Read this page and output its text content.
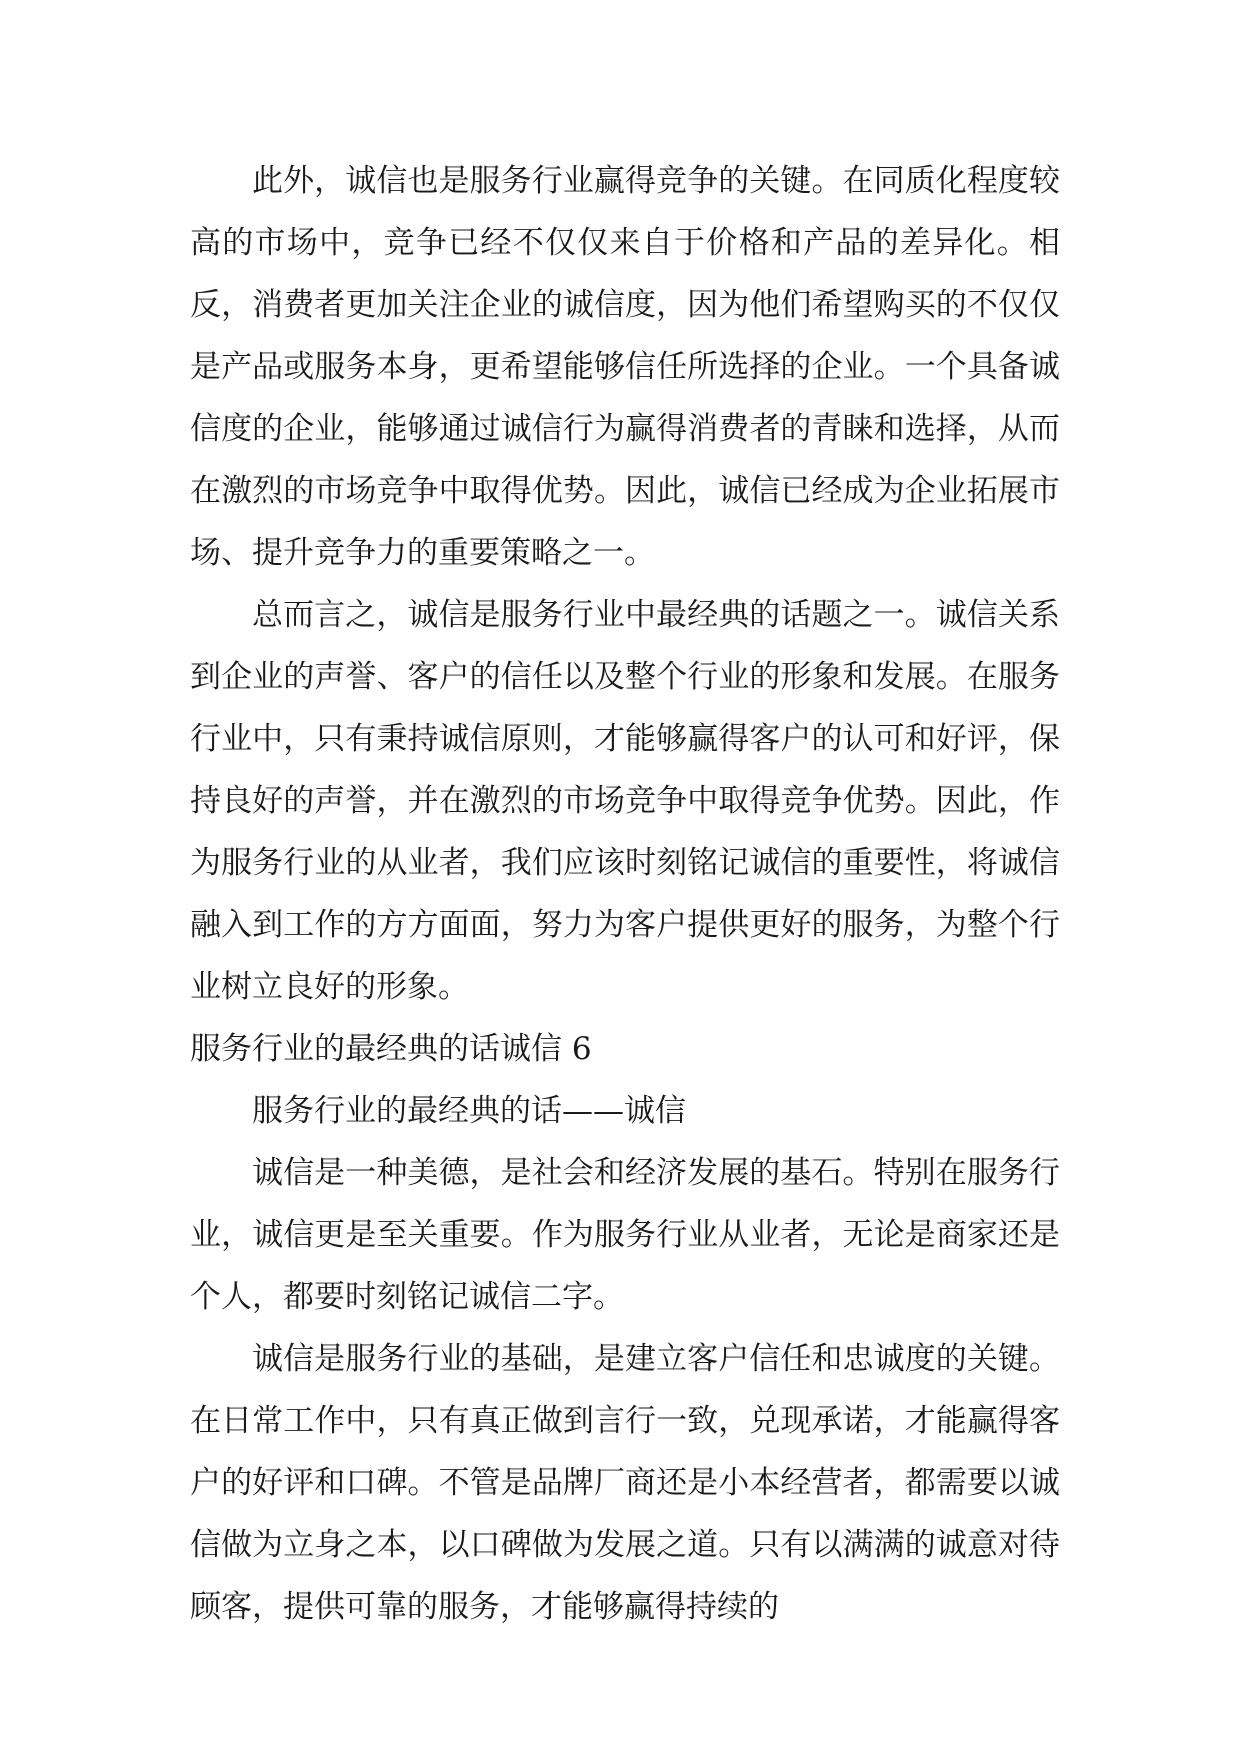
此外，诚信也是服务行业赢得竞争的关键。在同质化程度较高的市场中，竞争已经不仅仅来自于价格和产品的差异化。相反，消费者更加关注企业的诚信度，因为他们希望购买的不仅仅是产品或服务本身，更希望能够信任所选择的企业。一个具备诚信度的企业，能够通过诚信行为赢得消费者的青睐和选择，从而在激烈的市场竞争中取得优势。因此，诚信已经成为企业拓展市场、提升竞争力的重要策略之一。

总而言之，诚信是服务行业中最经典的话题之一。诚信关系到企业的声誉、客户的信任以及整个行业的形象和发展。在服务行业中，只有秉持诚信原则，才能够赢得客户的认可和好评，保持良好的声誉，并在激烈的市场竞争中取得竞争优势。因此，作为服务行业的从业者，我们应该时刻铭记诚信的重要性，将诚信融入到工作的方方面面，努力为客户提供更好的服务，为整个行业树立良好的形象。

服务行业的最经典的话诚信 6

服务行业的最经典的话——诚信

诚信是一种美德，是社会和经济发展的基石。特别在服务行业，诚信更是至关重要。作为服务行业从业者，无论是商家还是个人，都要时刻铭记诚信二字。

诚信是服务行业的基础，是建立客户信任和忠诚度的关键。在日常工作中，只有真正做到言行一致，兑现承诺，才能赢得客户的好评和口碑。不管是品牌厂商还是小本经营者，都需要以诚信做为立身之本，以口碑做为发展之道。只有以满满的诚意对待顾客，提供可靠的服务，才能够赢得持续的
